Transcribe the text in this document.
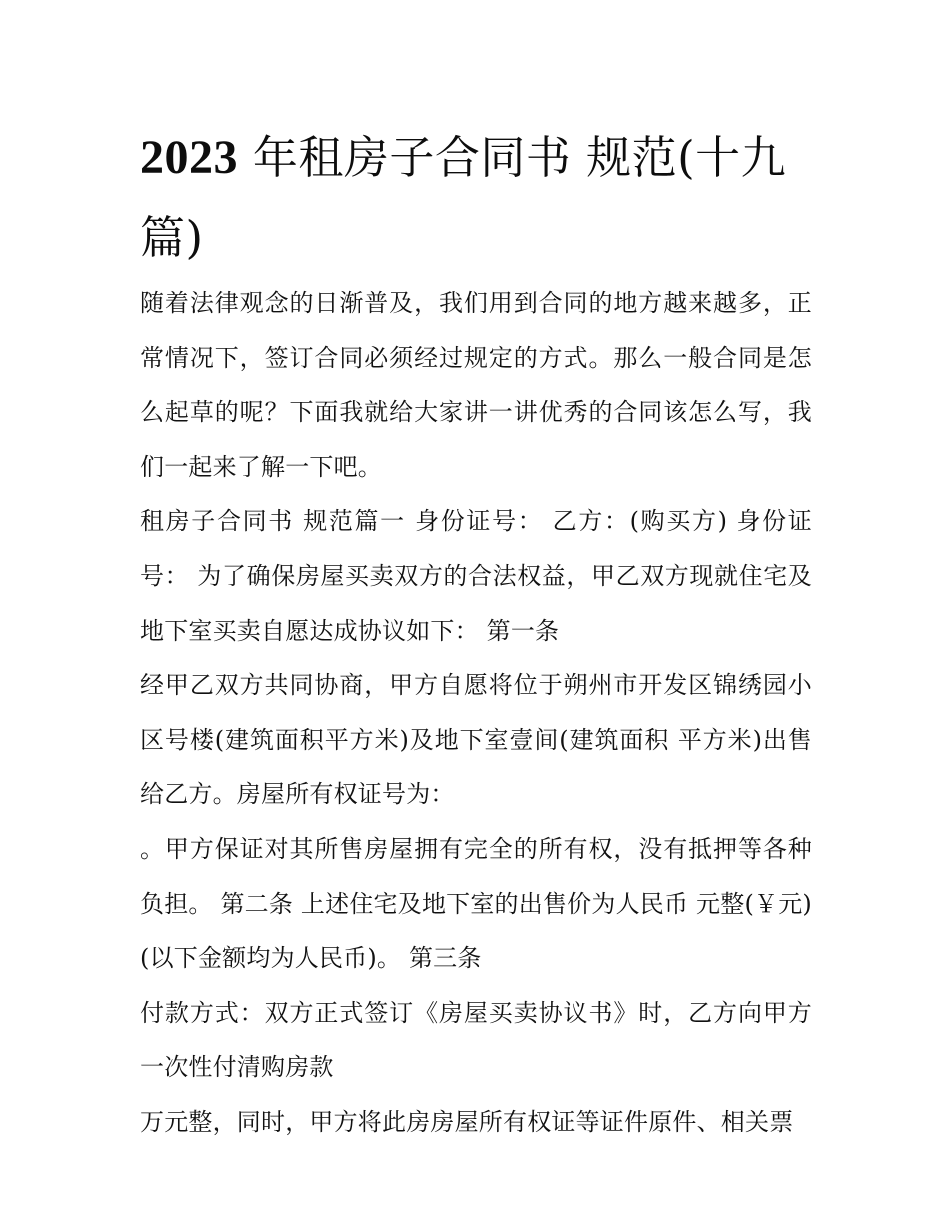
2023 年租房子合同书 规范(十九篇)

随着法律观念的日渐普及，我们用到合同的地方越来越多，正常情况下，签订合同必须经过规定的方式。那么一般合同是怎么起草的呢？下面我就给大家讲一讲优秀的合同该怎么写，我们一起来了解一下吧。

租房子合同书 规范篇一 身份证号： 乙方：(购买方) 身份证号： 为了确保房屋买卖双方的合法权益，甲乙双方现就住宅及地下室买卖自愿达成协议如下： 第一条

经甲乙双方共同协商，甲方自愿将位于朔州市开发区锦绣园小区号楼(建筑面积平方米)及地下室壹间(建筑面积 平方米)出售给乙方。房屋所有权证号为：

。甲方保证对其所售房屋拥有完全的所有权，没有抵押等各种负担。 第二条 上述住宅及地下室的出售价为人民币 元整(￥元)(以下金额均为人民币)。 第三条

付款方式：双方正式签订《房屋买卖协议书》时，乙方向甲方一次性付清购房款

万元整，同时，甲方将此房房屋所有权证等证件原件、相关票
